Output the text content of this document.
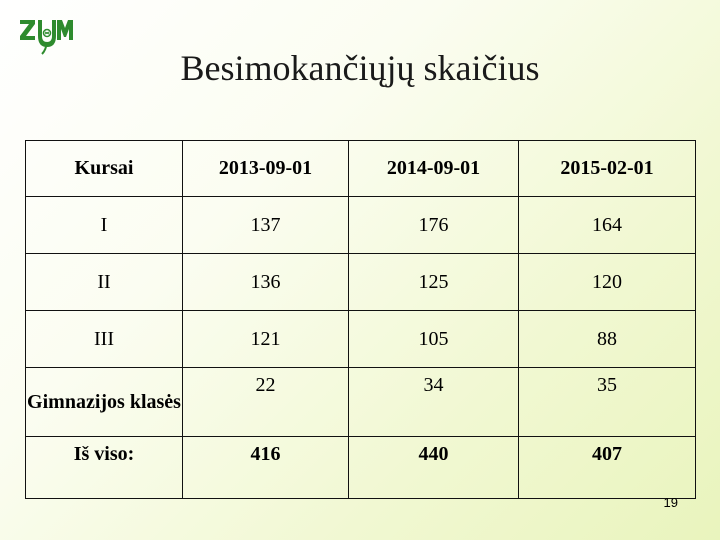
Besimokančiųjų skaičius
Kursai	2013-09-01	2014-09-01	2015-02-01
I	137	176	164
II	136	125	120
III	121	105	88
Gimnazijos klasės	22	34	35
Iš viso:	416	440	407
19
